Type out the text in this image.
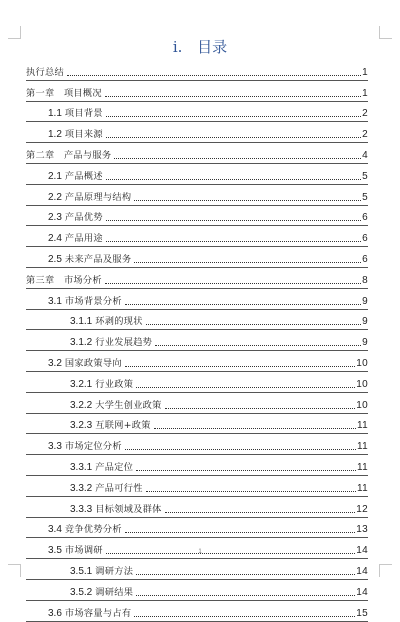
i. 目录
执行总结	1
第一章　项目概况	1
1.1 项目背景	2
1.2 项目来源	2
第二章　产品与服务	4
2.1 产品概述	5
2.2 产品原理与结构	5
2.3 产品优势	6
2.4 产品用途	6
2.5 未来产品及服务	6
第三章　市场分析	8
3.1 市场背景分析	9
3.1.1 环剥的现状	9
3.1.2 行业发展趋势	9
3.2 国家政策导向	10
3.2.1 行业政策	10
3.2.2 大学生创业政策	10
3.2.3 互联网+政策	11
3.3 市场定位分析	11
3.3.1 产品定位	11
3.3.2 产品可行性	11
3.3.3 目标领域及群体	12
3.4 竞争优势分析	13
3.5 市场调研	14
3.5.1 调研方法	14
3.5.2 调研结果	14
3.6 市场容量与占有	15
1
